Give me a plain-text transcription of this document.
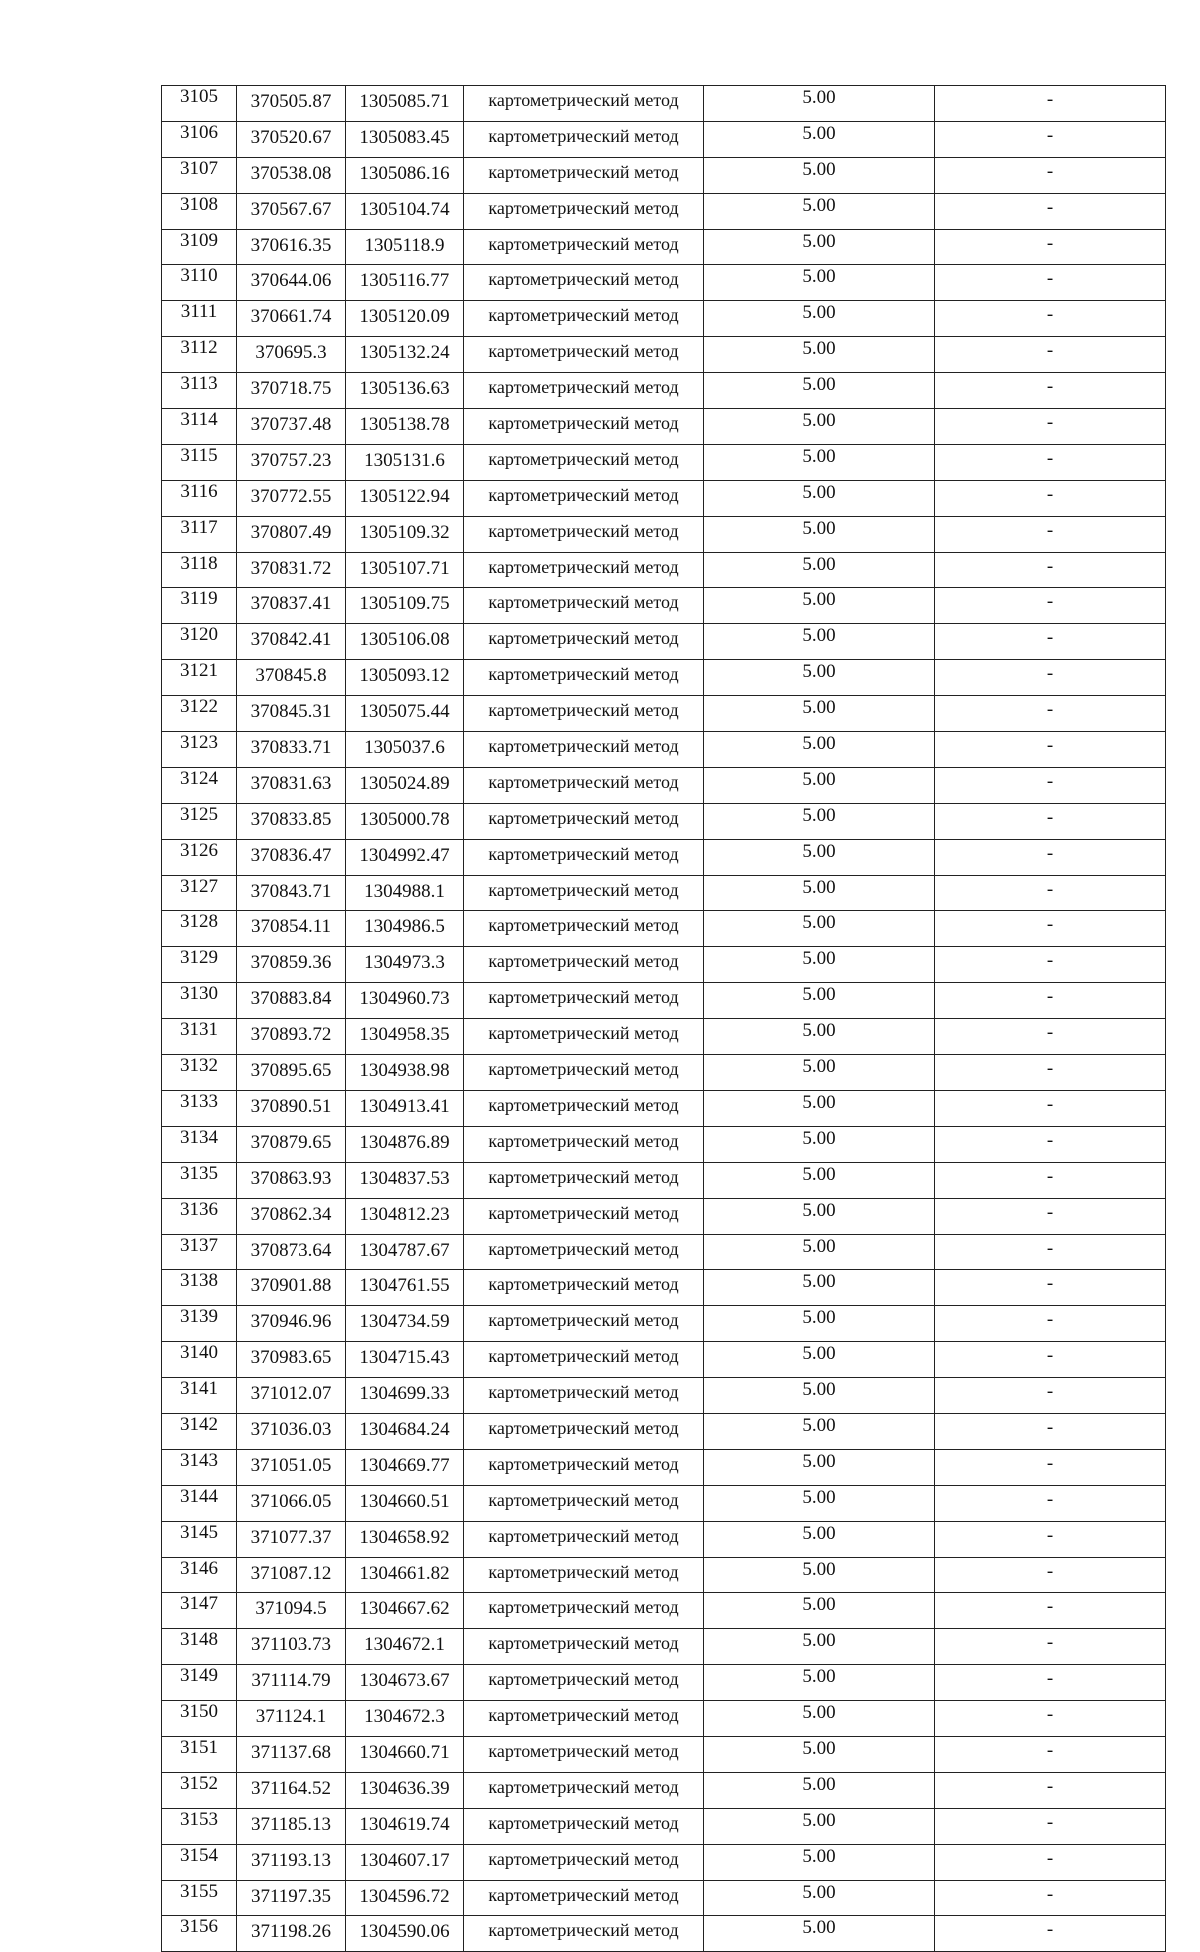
3105	370505.87	1305085.71	картометрический метод	5.00	-
3106	370520.67	1305083.45	картометрический метод	5.00	-
3107	370538.08	1305086.16	картометрический метод	5.00	-
3108	370567.67	1305104.74	картометрический метод	5.00	-
3109	370616.35	1305118.9	картометрический метод	5.00	-
3110	370644.06	1305116.77	картометрический метод	5.00	-
3111	370661.74	1305120.09	картометрический метод	5.00	-
3112	370695.3	1305132.24	картометрический метод	5.00	-
3113	370718.75	1305136.63	картометрический метод	5.00	-
3114	370737.48	1305138.78	картометрический метод	5.00	-
3115	370757.23	1305131.6	картометрический метод	5.00	-
3116	370772.55	1305122.94	картометрический метод	5.00	-
3117	370807.49	1305109.32	картометрический метод	5.00	-
3118	370831.72	1305107.71	картометрический метод	5.00	-
3119	370837.41	1305109.75	картометрический метод	5.00	-
3120	370842.41	1305106.08	картометрический метод	5.00	-
3121	370845.8	1305093.12	картометрический метод	5.00	-
3122	370845.31	1305075.44	картометрический метод	5.00	-
3123	370833.71	1305037.6	картометрический метод	5.00	-
3124	370831.63	1305024.89	картометрический метод	5.00	-
3125	370833.85	1305000.78	картометрический метод	5.00	-
3126	370836.47	1304992.47	картометрический метод	5.00	-
3127	370843.71	1304988.1	картометрический метод	5.00	-
3128	370854.11	1304986.5	картометрический метод	5.00	-
3129	370859.36	1304973.3	картометрический метод	5.00	-
3130	370883.84	1304960.73	картометрический метод	5.00	-
3131	370893.72	1304958.35	картометрический метод	5.00	-
3132	370895.65	1304938.98	картометрический метод	5.00	-
3133	370890.51	1304913.41	картометрический метод	5.00	-
3134	370879.65	1304876.89	картометрический метод	5.00	-
3135	370863.93	1304837.53	картометрический метод	5.00	-
3136	370862.34	1304812.23	картометрический метод	5.00	-
3137	370873.64	1304787.67	картометрический метод	5.00	-
3138	370901.88	1304761.55	картометрический метод	5.00	-
3139	370946.96	1304734.59	картометрический метод	5.00	-
3140	370983.65	1304715.43	картометрический метод	5.00	-
3141	371012.07	1304699.33	картометрический метод	5.00	-
3142	371036.03	1304684.24	картометрический метод	5.00	-
3143	371051.05	1304669.77	картометрический метод	5.00	-
3144	371066.05	1304660.51	картометрический метод	5.00	-
3145	371077.37	1304658.92	картометрический метод	5.00	-
3146	371087.12	1304661.82	картометрический метод	5.00	-
3147	371094.5	1304667.62	картометрический метод	5.00	-
3148	371103.73	1304672.1	картометрический метод	5.00	-
3149	371114.79	1304673.67	картометрический метод	5.00	-
3150	371124.1	1304672.3	картометрический метод	5.00	-
3151	371137.68	1304660.71	картометрический метод	5.00	-
3152	371164.52	1304636.39	картометрический метод	5.00	-
3153	371185.13	1304619.74	картометрический метод	5.00	-
3154	371193.13	1304607.17	картометрический метод	5.00	-
3155	371197.35	1304596.72	картометрический метод	5.00	-
3156	371198.26	1304590.06	картометрический метод	5.00	-
